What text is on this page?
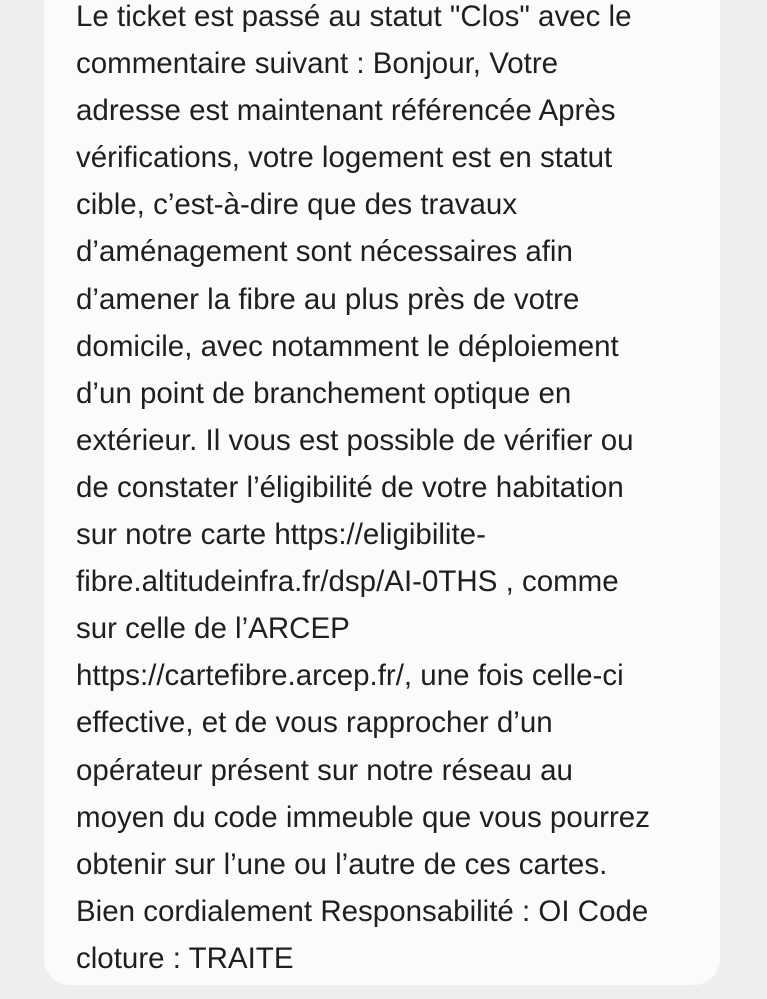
Le ticket est passé au statut "Clos" avec le
commentaire suivant : Bonjour, Votre
adresse est maintenant référencée Après
vérifications, votre logement est en statut
cible, c’est-à-dire que des travaux
d’aménagement sont nécessaires afin
d’amener la fibre au plus près de votre
domicile, avec notamment le déploiement
d’un point de branchement optique en
extérieur. Il vous est possible de vérifier ou
de constater l’éligibilité de votre habitation
sur notre carte https://eligibilite-
fibre.altitudeinfra.fr/dsp/AI-0THS , comme
sur celle de l’ARCEP
https://cartefibre.arcep.fr/, une fois celle-ci
effective, et de vous rapprocher d’un
opérateur présent sur notre réseau au
moyen du code immeuble que vous pourrez
obtenir sur l’une ou l’autre de ces cartes.
Bien cordialement Responsabilité : OI Code
cloture : TRAITE
